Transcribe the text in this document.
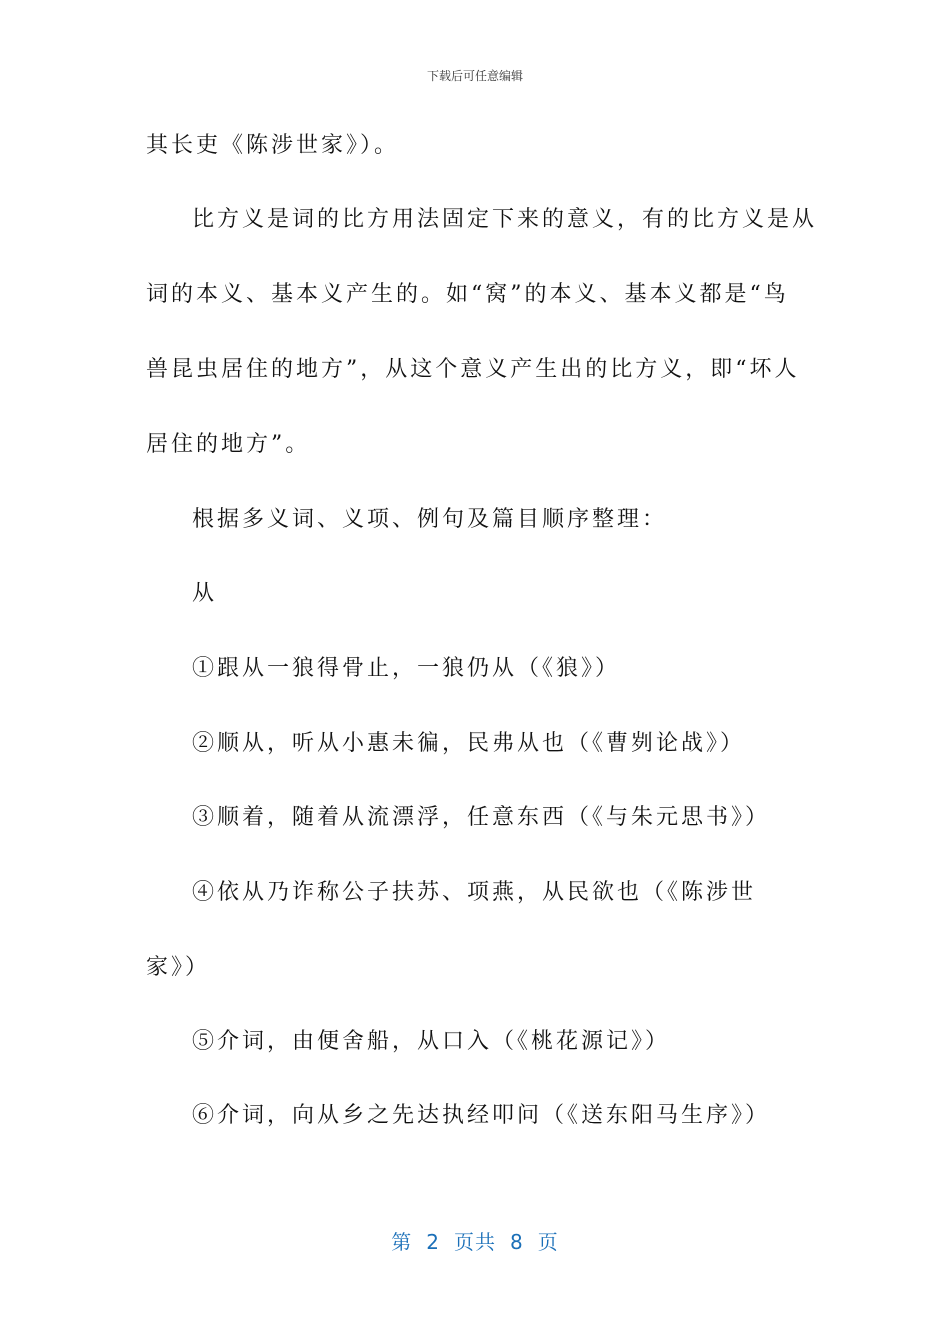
下载后可任意编辑
其长吏《陈涉世家》）。
比方义是词的比方用法固定下来的意义，有的比方义是从
词的本义、基本义产生的。如“窝”的本义、基本义都是“鸟
兽昆虫居住的地方”，从这个意义产生出的比方义，即“坏人
居住的地方”。
根据多义词、义项、例句及篇目顺序整理：
从
①跟从一狼得骨止，一狼仍从（《狼》）
②顺从，听从小惠未徧，民弗从也（《曹刿论战》）
③顺着，随着从流漂浮，任意东西（《与朱元思书》）
④依从乃诈称公子扶苏、项燕，从民欲也（《陈涉世
家》）
⑤介词，由便舍船，从口入（《桃花源记》）
⑥介词，向从乡之先达执经叩问（《送东阳马生序》）
第 2 页共 8 页
